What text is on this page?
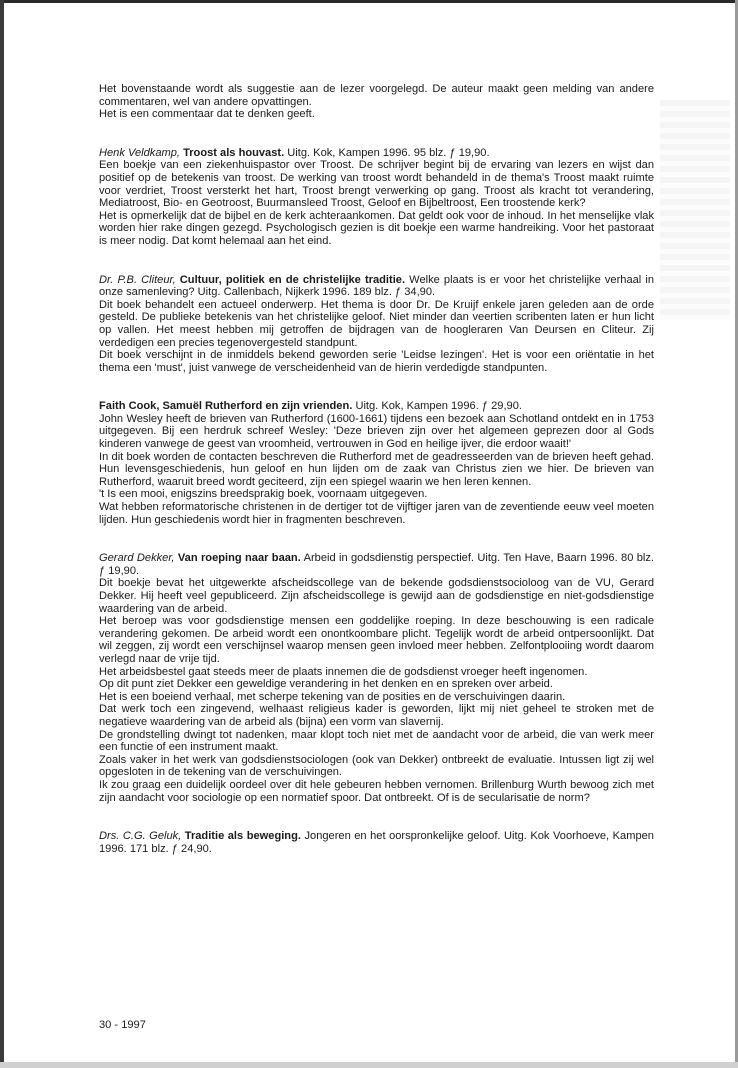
Het bovenstaande wordt als suggestie aan de lezer voorgelegd. De auteur maakt geen melding van andere commentaren, wel van andere opvattingen.

Het is een commentaar dat te denken geeft.

Henk Veldkamp, Troost als houvast. Uitg. Kok, Kampen 1996. 95 blz. ƒ 19,90.

Een boekje van een ziekenhuispastor over Troost. De schrijver begint bij de ervaring van lezers en wijst dan positief op de betekenis van troost. De werking van troost wordt behandeld in de thema's Troost maakt ruimte voor verdriet, Troost versterkt het hart, Troost brengt verwerking op gang. Troost als kracht tot verandering, Mediatroost, Bio- en Geotroost, Buurmansleed Troost, Geloof en Bijbeltroost, Een troostende kerk?

Het is opmerkelijk dat de bijbel en de kerk achteraankomen. Dat geldt ook voor de inhoud. In het menselijke vlak worden hier rake dingen gezegd. Psychologisch gezien is dit boekje een warme handreiking. Voor het pastoraat is meer nodig. Dat komt helemaal aan het eind.

Dr. P.B. Cliteur, Cultuur, politiek en de christelijke traditie. Welke plaats is er voor het christelijke verhaal in onze samenleving? Uitg. Callenbach, Nijkerk 1996. 189 blz. ƒ 34,90.

Dit boek behandelt een actueel onderwerp. Het thema is door Dr. De Kruijf enkele jaren geleden aan de orde gesteld. De publieke betekenis van het christelijke geloof. Niet minder dan veertien scribenten laten er hun licht op vallen. Het meest hebben mij getroffen de bijdragen van de hoogleraren Van Deursen en Cliteur. Zij verdedigen een precies tegenovergesteld standpunt.

Dit boek verschijnt in de inmiddels bekend geworden serie 'Leidse lezingen'. Het is voor een oriëntatie in het thema een 'must', juist vanwege de verscheidenheid van de hierin verdedigde standpunten.

Faith Cook, Samuël Rutherford en zijn vrienden. Uitg. Kok, Kampen 1996. ƒ 29,90.

John Wesley heeft de brieven van Rutherford (1600-1661) tijdens een bezoek aan Schotland ontdekt en in 1753 uitgegeven. Bij een herdruk schreef Wesley: 'Deze brieven zijn over het algemeen geprezen door al Gods kinderen vanwege de geest van vroomheid, vertrouwen in God en heilige ijver, die erdoor waait!'

In dit boek worden de contacten beschreven die Rutherford met de geadresseerden van de brieven heeft gehad. Hun levensgeschiedenis, hun geloof en hun lijden om de zaak van Christus zien we hier. De brieven van Rutherford, waaruit breed wordt geciteerd, zijn een spiegel waarin we hen leren kennen.

't Is een mooi, enigszins breedsprakig boek, voornaam uitgegeven.

Wat hebben reformatorische christenen in de dertiger tot de vijftiger jaren van de zeventiende eeuw veel moeten lijden. Hun geschiedenis wordt hier in fragmenten beschreven.

Gerard Dekker, Van roeping naar baan. Arbeid in godsdienstig perspectief. Uitg. Ten Have, Baarn 1996. 80 blz. ƒ 19,90.

Dit boekje bevat het uitgewerkte afscheidscollege van de bekende godsdienstsocioloog van de VU, Gerard Dekker. Hij heeft veel gepubliceerd. Zijn afscheidscollege is gewijd aan de godsdienstige en niet-godsdienstige waardering van de arbeid.

Het beroep was voor godsdienstige mensen een goddelijke roeping. In deze beschouwing is een radicale verandering gekomen. De arbeid wordt een onontkoombare plicht. Tegelijk wordt de arbeid ontpersoonlijkt. Dat wil zeggen, zij wordt een verschijnsel waarop mensen geen invloed meer hebben. Zelfontplooiing wordt daarom verlegd naar de vrije tijd.

Het arbeidsbestel gaat steeds meer de plaats innemen die de godsdienst vroeger heeft ingenomen.

Op dit punt ziet Dekker een geweldige verandering in het denken en en spreken over arbeid.

Het is een boeiend verhaal, met scherpe tekening van de posities en de verschuivingen daarin.

Dat werk toch een zingevend, welhaast religieus kader is geworden, lijkt mij niet geheel te stroken met de negatieve waardering van de arbeid als (bijna) een vorm van slavernij.

De grondstelling dwingt tot nadenken, maar klopt toch niet met de aandacht voor de arbeid, die van werk meer een functie of een instrument maakt.

Zoals vaker in het werk van godsdienstsociologen (ook van Dekker) ontbreekt de evaluatie. Intussen ligt zij wel opgesloten in de tekening van de verschuivingen.

Ik zou graag een duidelijk oordeel over dit hele gebeuren hebben vernomen. Brillenburg Wurth bewoog zich met zijn aandacht voor sociologie op een normatief spoor. Dat ontbreekt. Of is de secularisatie de norm?

Drs. C.G. Geluk, Traditie als beweging. Jongeren en het oorspronkelijke geloof. Uitg. Kok Voorhoeve, Kampen 1996. 171 blz. ƒ 24,90.

30 - 1997
